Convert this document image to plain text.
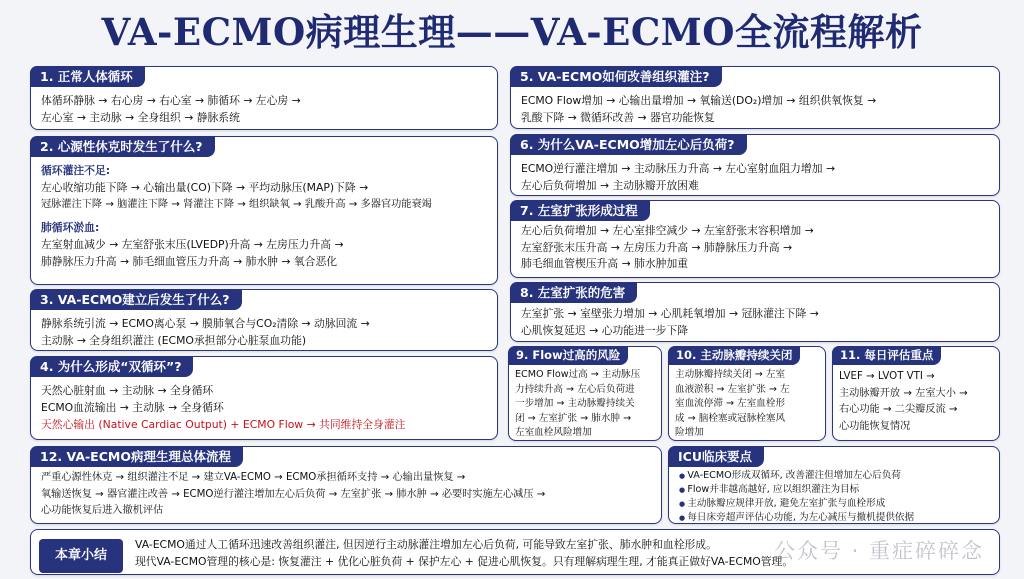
VA-ECMO病理生理——VA-ECMO全流程解析
1. 正常人体循环
体循环静脉 → 右心房 → 右心室 → 肺循环 → 左心房 →
左心室 → 主动脉 → 全身组织 → 静脉系统
2. 心源性休克时发生了什么?
循环灌注不足:
左心收缩功能下降 → 心输出量(CO)下降 → 平均动脉压(MAP)下降 →
冠脉灌注下降 → 脑灌注下降 → 肾灌注下降 → 组织缺氧 → 乳酸升高 → 多器官功能衰竭
肺循环淤血:
左室射血减少 → 左室舒张末压(LVEDP)升高 → 左房压力升高 →
肺静脉压力升高 → 肺毛细血管压力升高 → 肺水肿 → 氧合恶化
3. VA-ECMO建立后发生了什么?
静脉系统引流 → ECMO离心泵 → 膜肺氧合与CO₂清除 → 动脉回流 →
主动脉 → 全身组织灌注 (ECMO承担部分心脏泵血功能)
4. 为什么形成“双循环”?
天然心脏射血 → 主动脉 → 全身循环
ECMO血流输出 → 主动脉 → 全身循环
天然心输出 (Native Cardiac Output) + ECMO Flow → 共同维持全身灌注
5. VA-ECMO如何改善组织灌注?
ECMO Flow增加 → 心输出量增加 → 氧输送(DO₂)增加 → 组织供氧恢复 →
乳酸下降 → 微循环改善 → 器官功能恢复
6. 为什么VA-ECMO增加左心后负荷?
ECMO逆行灌注增加 → 主动脉压力升高 → 左心室射血阻力增加 →
左心后负荷增加 → 主动脉瓣开放困难
7. 左室扩张形成过程
左心后负荷增加 → 左心室排空减少 → 左室舒张末容积增加 →
左室舒张末压升高 → 左房压力升高 → 肺静脉压力升高 →
肺毛细血管楔压升高 → 肺水肿加重
8. 左室扩张的危害
左室扩张 → 室壁张力增加 → 心肌耗氧增加 → 冠脉灌注下降 →
心肌恢复延迟 → 心功能进一步下降
9. Flow过高的风险
ECMO Flow过高 → 主动脉压
力持续升高 → 左心后负荷进
一步增加 → 主动脉瓣持续关
闭 → 左室扩张 → 肺水肿 →
左室血栓风险增加
10. 主动脉瓣持续关闭
主动脉瓣持续关闭 → 左室
血液淤积 → 左室扩张 → 左
室血流停滞 → 左室血栓形
成 → 脑栓塞或冠脉栓塞风
险增加
11. 每日评估重点
LVEF → LVOT VTI →
主动脉瓣开放 → 左室大小 →
右心功能 → 二尖瓣反流 →
心功能恢复情况
12. VA-ECMO病理生理总体流程
严重心源性休克 → 组织灌注不足 → 建立VA-ECMO → ECMO承担循环支持 → 心输出量恢复 →
氧输送恢复 → 器官灌注改善 → ECMO逆行灌注增加左心后负荷 → 左室扩张 → 肺水肿 → 必要时实施左心减压 →
心功能恢复后进入撤机评估
ICU临床要点
● VA-ECMO形成双循环, 改善灌注但增加左心后负荷
● Flow并非越高越好, 应以组织灌注为目标
● 主动脉瓣应规律开放, 避免左室扩张与血栓形成
● 每日床旁超声评估心功能, 为左心减压与撤机提供依据
本章小结
VA-ECMO通过人工循环迅速改善组织灌注, 但因逆行主动脉灌注增加左心后负荷, 可能导致左室扩张、肺水肿和血栓形成。
现代VA-ECMO管理的核心是: 恢复灌注 + 优化心脏负荷 + 保护左心 + 促进心肌恢复。只有理解病理生理, 才能真正做好VA-ECMO管理。
公众号 · 重症碎碎念
